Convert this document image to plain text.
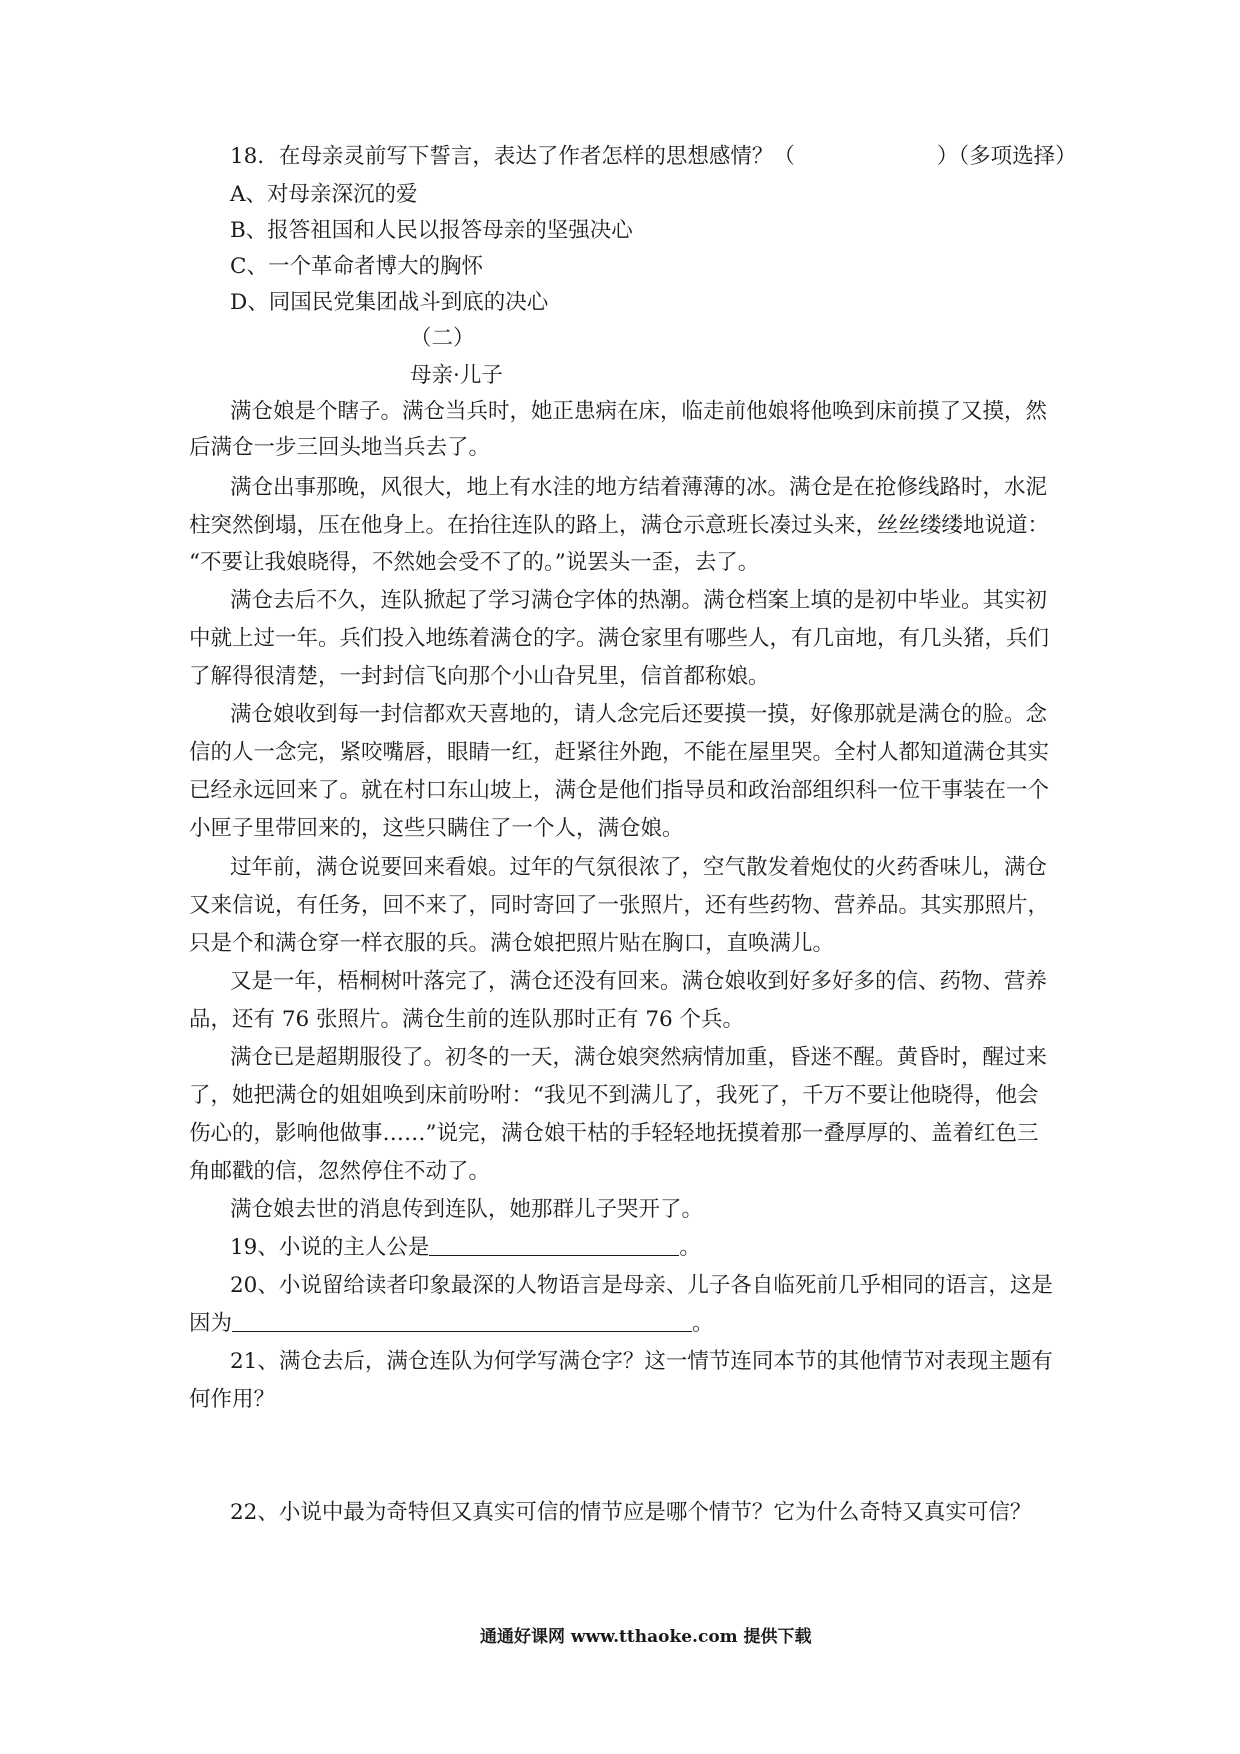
18．在母亲灵前写下誓言，表达了作者怎样的思想感情？（	）（多项选择）
A、对母亲深沉的爱
B、报答祖国和人民以报答母亲的坚强决心
C、一个革命者博大的胸怀
D、同国民党集团战斗到底的决心
（二）
母亲·儿子
满仓娘是个瞎子。满仓当兵时，她正患病在床，临走前他娘将他唤到床前摸了又摸，然
后满仓一步三回头地当兵去了。
满仓出事那晚，风很大，地上有水洼的地方结着薄薄的冰。满仓是在抢修线路时，水泥
柱突然倒塌，压在他身上。在抬往连队的路上，满仓示意班长凑过头来，丝丝缕缕地说道：
“不要让我娘晓得，不然她会受不了的。”说罢头一歪，去了。
满仓去后不久，连队掀起了学习满仓字体的热潮。满仓档案上填的是初中毕业。其实初
中就上过一年。兵们投入地练着满仓的字。满仓家里有哪些人，有几亩地，有几头猪，兵们
了解得很清楚，一封封信飞向那个小山旮旯里，信首都称娘。
满仓娘收到每一封信都欢天喜地的，请人念完后还要摸一摸，好像那就是满仓的脸。念
信的人一念完，紧咬嘴唇，眼睛一红，赶紧往外跑，不能在屋里哭。全村人都知道满仓其实
已经永远回来了。就在村口东山坡上，满仓是他们指导员和政治部组织科一位干事装在一个
小匣子里带回来的，这些只瞒住了一个人，满仓娘。
过年前，满仓说要回来看娘。过年的气氛很浓了，空气散发着炮仗的火药香味儿，满仓
又来信说，有任务，回不来了，同时寄回了一张照片，还有些药物、营养品。其实那照片，
只是个和满仓穿一样衣服的兵。满仓娘把照片贴在胸口，直唤满儿。
又是一年，梧桐树叶落完了，满仓还没有回来。满仓娘收到好多好多的信、药物、营养
品，还有 76 张照片。满仓生前的连队那时正有 76 个兵。
满仓已是超期服役了。初冬的一天，满仓娘突然病情加重，昏迷不醒。黄昏时，醒过来
了，她把满仓的姐姐唤到床前吩咐：“我见不到满儿了，我死了，千万不要让他晓得，他会
伤心的，影响他做事……”说完，满仓娘干枯的手轻轻地抚摸着那一叠厚厚的、盖着红色三
角邮戳的信，忽然停住不动了。
满仓娘去世的消息传到连队，她那群儿子哭开了。
19、小说的主人公是	。
20、小说留给读者印象最深的人物语言是母亲、儿子各自临死前几乎相同的语言，这是
因为	。
21、满仓去后，满仓连队为何学写满仓字？这一情节连同本节的其他情节对表现主题有
何作用？
22、小说中最为奇特但又真实可信的情节应是哪个情节？它为什么奇特又真实可信？
通通好课网 www.tthaoke.com 提供下载
